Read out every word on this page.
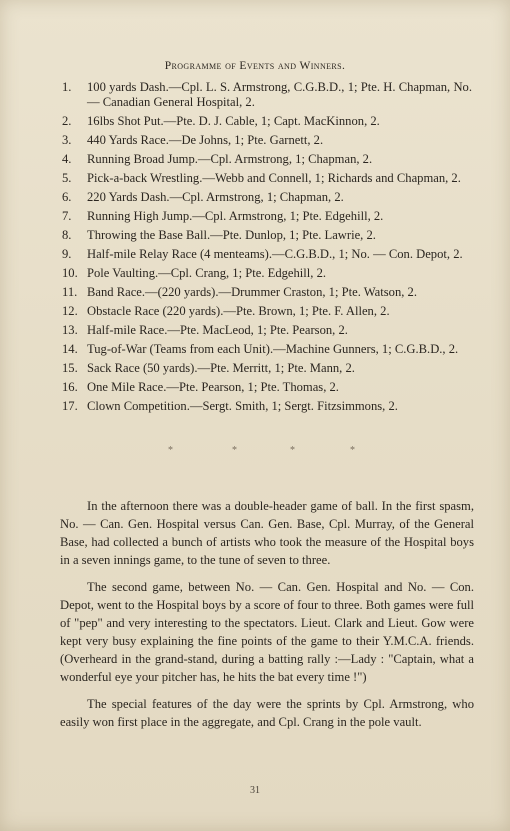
Programme of Events and Winners.
1.	100 yards Dash.—Cpl. L. S. Armstrong, C.G.B.D., 1; Pte. H. Chapman, No. — Canadian General Hospital, 2.
2.	16lbs Shot Put.—Pte. D. J. Cable, 1; Capt. MacKinnon, 2.
3.	440 Yards Race.—De Johns, 1; Pte. Garnett, 2.
4.	Running Broad Jump.—Cpl. Armstrong, 1; Chapman, 2.
5.	Pick-a-back Wrestling.—Webb and Connell, 1; Richards and Chapman, 2.
6.	220 Yards Dash.—Cpl. Armstrong, 1; Chapman, 2.
7.	Running High Jump.—Cpl. Armstrong, 1; Pte. Edgehill, 2.
8.	Throwing the Base Ball.—Pte. Dunlop, 1; Pte. Lawrie, 2.
9.	Half-mile Relay Race (4 menteams).—C.G.B.D., 1; No. — Con. Depot, 2.
10. Pole Vaulting.—Cpl. Crang, 1; Pte. Edgehill, 2.
11. Band Race.—(220 yards).—Drummer Craston, 1; Pte. Watson, 2.
12. Obstacle Race (220 yards).—Pte. Brown, 1; Pte. F. Allen, 2.
13. Half-mile Race.—Pte. MacLeod, 1; Pte. Pearson, 2.
14. Tug-of-War (Teams from each Unit).—Machine Gunners, 1; C.G.B.D., 2.
15. Sack Race (50 yards).—Pte. Merritt, 1; Pte. Mann, 2.
16. One Mile Race.—Pte. Pearson, 1; Pte. Thomas, 2.
17. Clown Competition.—Sergt. Smith, 1; Sergt. Fitzsimmons, 2.
*	*	*	*

In the afternoon there was a double-header game of ball. In the first spasm, No. — Can. Gen. Hospital versus Can. Gen. Base, Cpl. Murray, of the General Base, had collected a bunch of artists who took the measure of the Hospital boys in a seven innings game, to the tune of seven to three.

The second game, between No. — Can. Gen. Hospital and No. — Con. Depot, went to the Hospital boys by a score of four to three. Both games were full of "pep" and very interesting to the spectators. Lieut. Clark and Lieut. Gow were kept very busy explaining the fine points of the game to their Y.M.C.A. friends. (Overheard in the grand-stand, during a batting rally :—Lady : "Captain, what a wonderful eye your pitcher has, he hits the bat every time !")

The special features of the day were the sprints by Cpl. Armstrong, who easily won first place in the aggregate, and Cpl. Crang in the pole vault.

31
